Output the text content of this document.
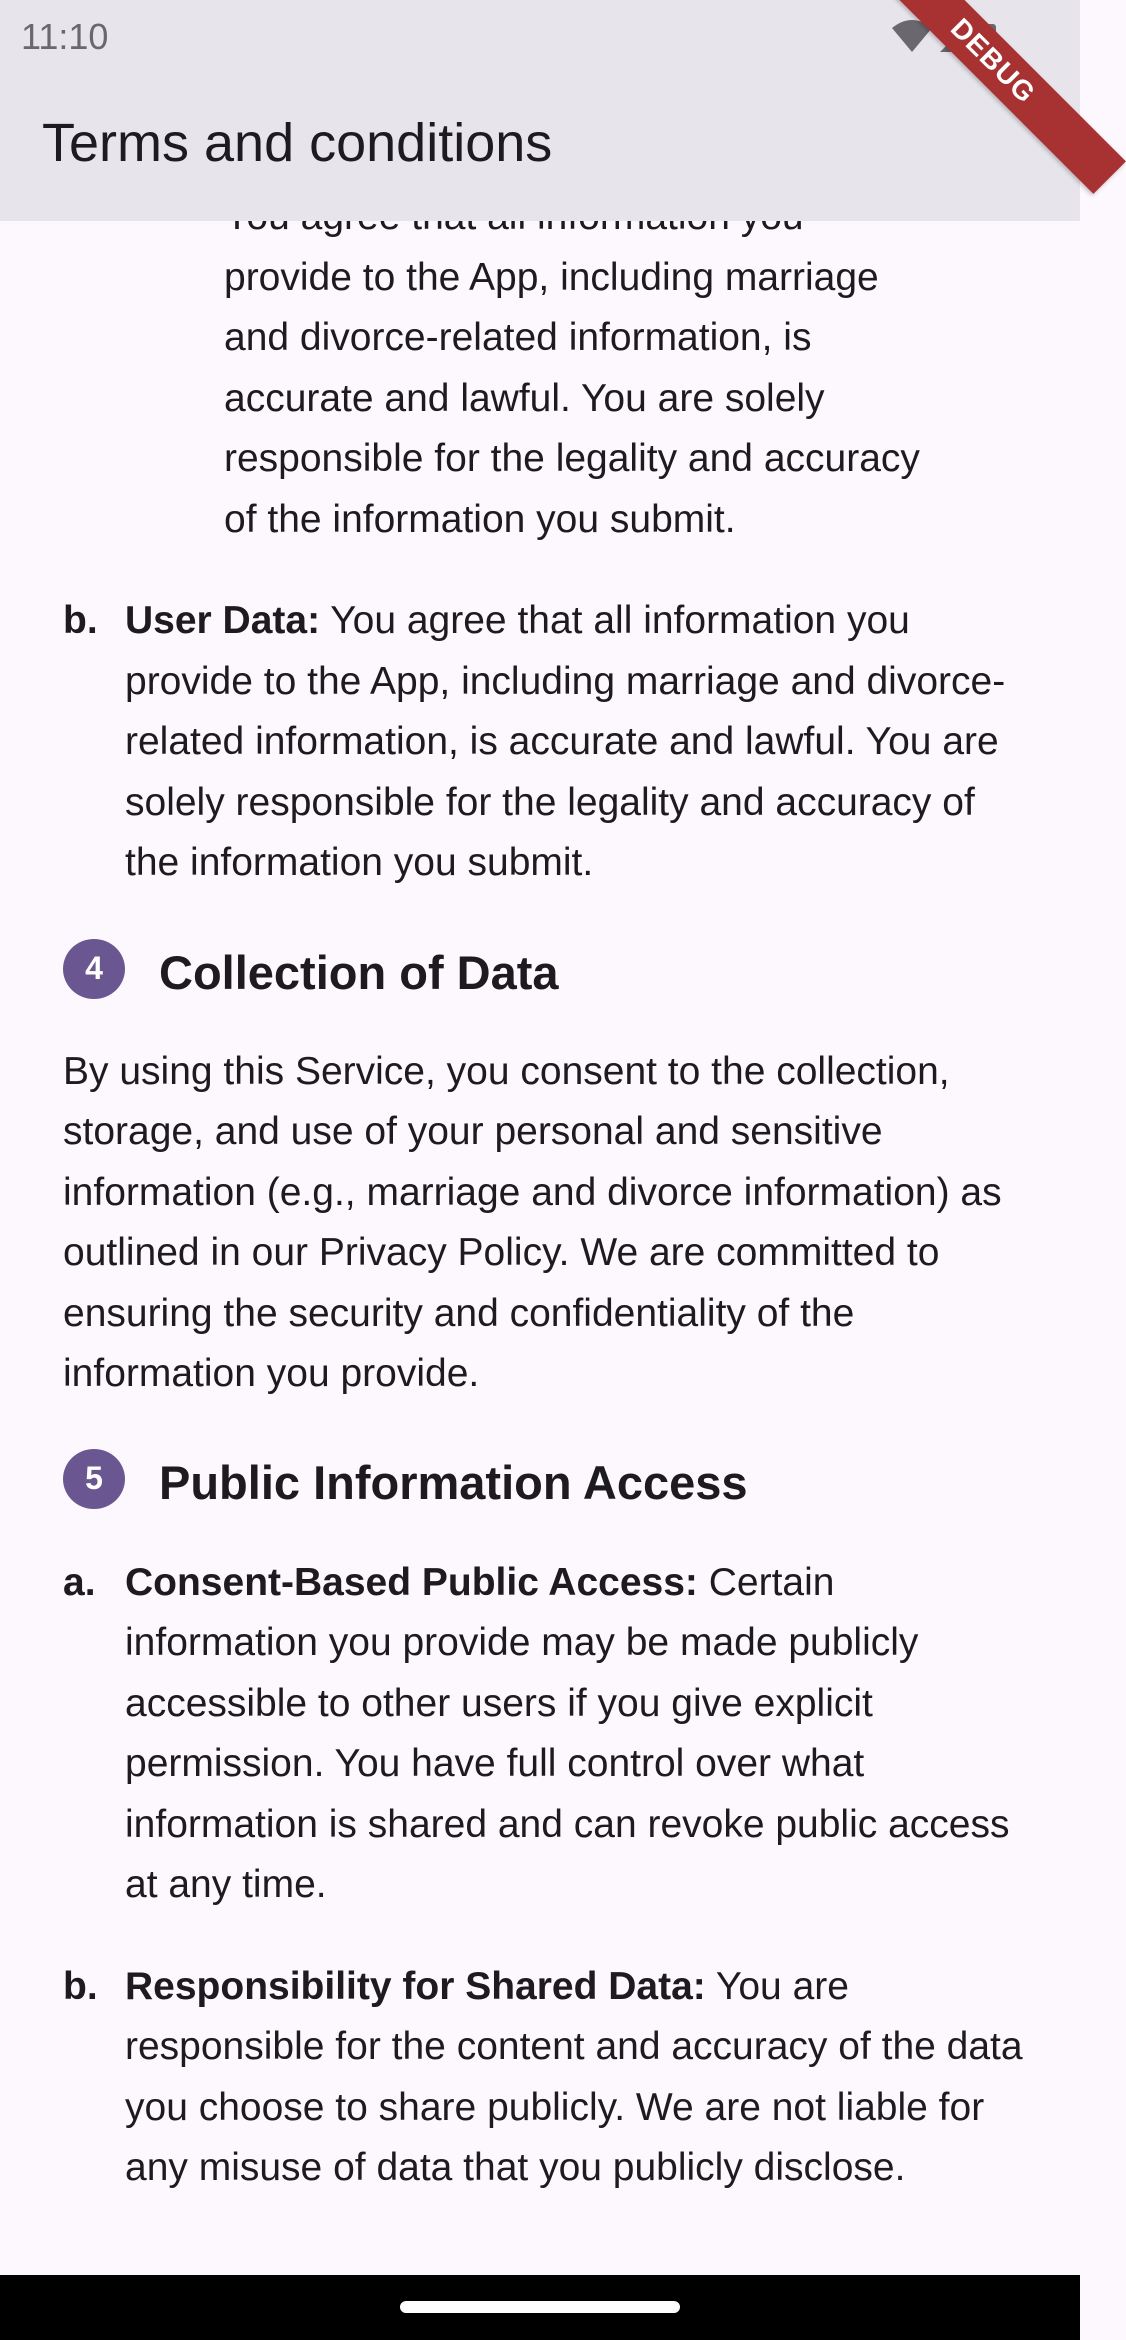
11:10
Terms and conditions
DEBUG
provide to the App, including marriage
and divorce-related information, is
accurate and lawful. You are solely
responsible for the legality and accuracy
of the information you submit.
b. User Data: You agree that all information you provide to the App, including marriage and divorce-related information, is accurate and lawful. You are solely responsible for the legality and accuracy of the information you submit.
4	Collection of Data
By using this Service, you consent to the collection, storage, and use of your personal and sensitive information (e.g., marriage and divorce information) as outlined in our Privacy Policy. We are committed to ensuring the security and confidentiality of the information you provide.
5	Public Information Access
a. Consent-Based Public Access: Certain information you provide may be made publicly accessible to other users if you give explicit permission. You have full control over what information is shared and can revoke public access at any time.
b. Responsibility for Shared Data: You are responsible for the content and accuracy of the data you choose to share publicly. We are not liable for any misuse of data that you publicly disclose.
